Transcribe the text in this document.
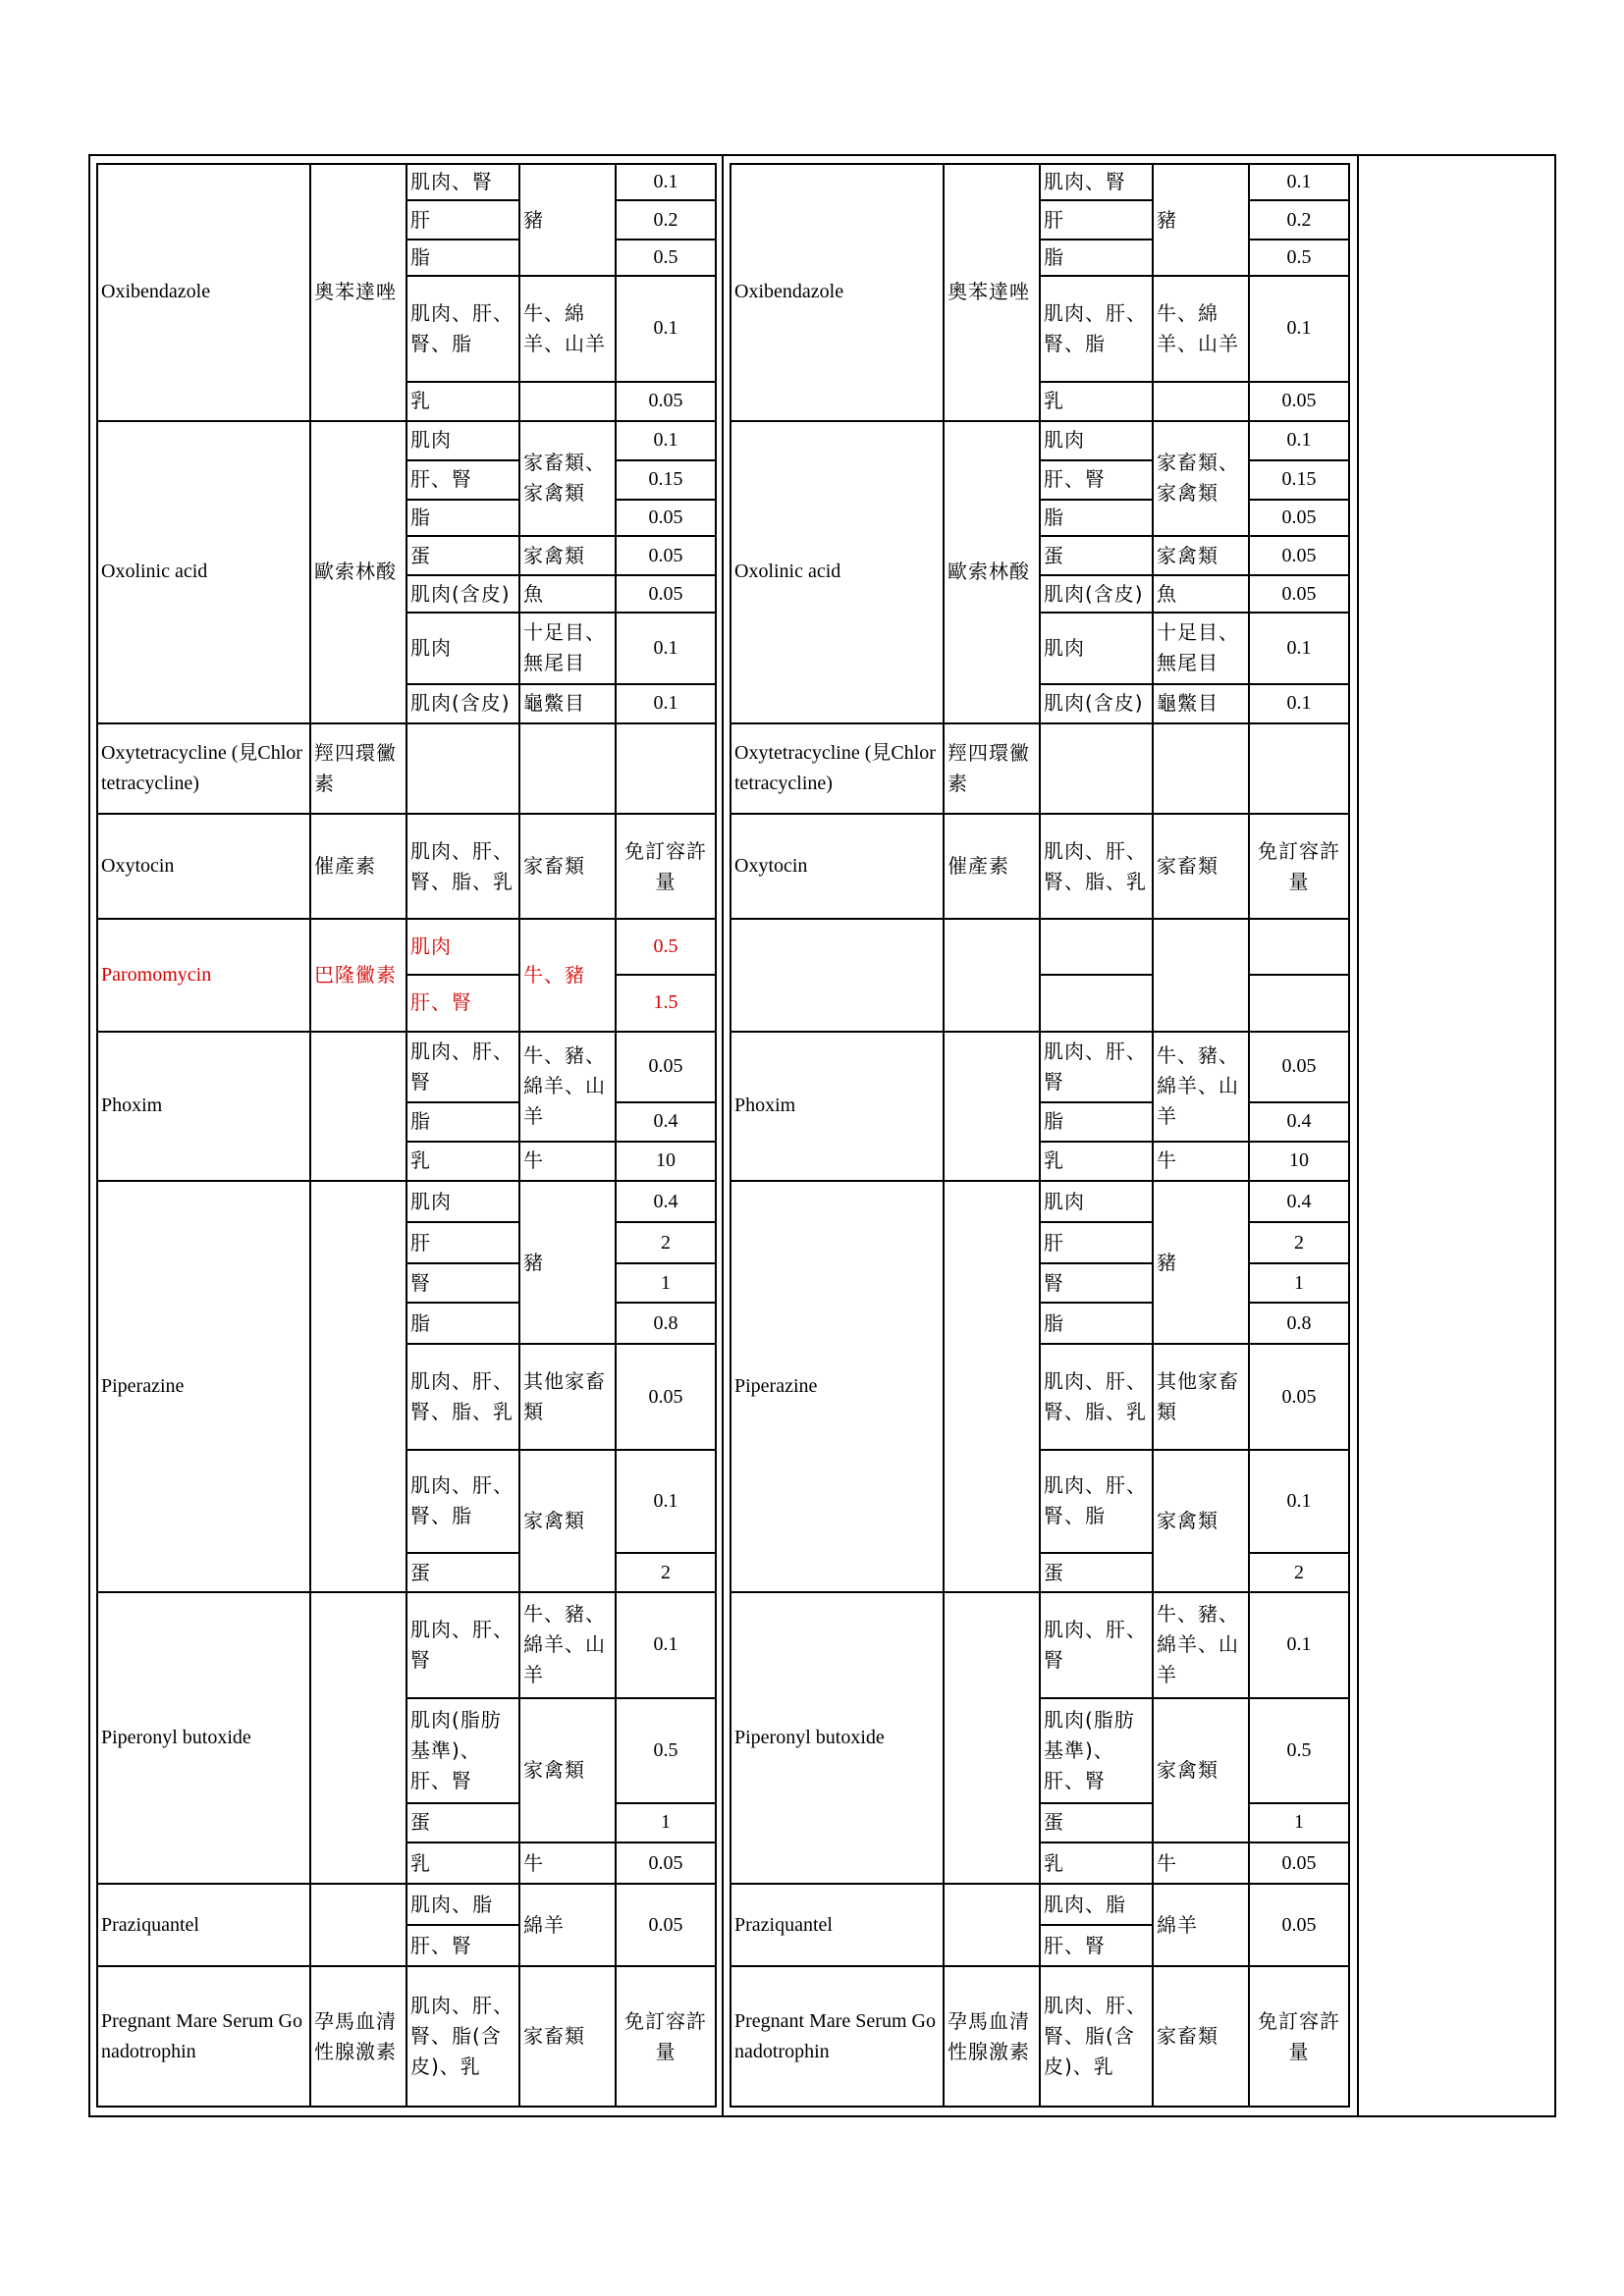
Oxibendazole	奧苯達唑	肌肉、腎	豬	0.1
		肝		0.2
		脂		0.5
		肌肉、肝、腎、脂	牛、綿羊、山羊	0.1
		乳		0.05
Oxolinic acid	歐索林酸	肌肉	家畜類、家禽類	0.1
		肝、腎		0.15
		脂		0.05
		蛋	家禽類	0.05
		肌肉(含皮)	魚	0.05
		肌肉	十足目、無尾目	0.1
		肌肉(含皮)	龜鱉目	0.1
Oxytetracycline (見Chlortetracycline)	羥四環黴素			
Oxytocin	催產素	肌肉、肝、腎、脂、乳	家畜類	免訂容許量
Paromomycin	巴隆黴素	肌肉	牛、豬	0.5
		肝、腎		1.5
Phoxim		肌肉、肝、腎	牛、豬、綿羊、山羊	0.05
		脂		0.4
		乳	牛	10
Piperazine		肌肉	豬	0.4
		肝		2
		腎		1
		脂		0.8
		肌肉、肝、腎、脂、乳	其他家畜類	0.05
		肌肉、肝、腎、脂	家禽類	0.1
		蛋		2
Piperonyl butoxide		肌肉、肝、腎	牛、豬、綿羊、山羊	0.1
		肌肉(脂肪基準)、肝、腎	家禽類	0.5
		蛋		1
		乳	牛	0.05
Praziquantel		肌肉、脂	綿羊	0.05
		肝、腎		
Pregnant Mare Serum Gonadotrophin	孕馬血清性腺激素	肌肉、肝、腎、脂(含皮)、乳	家畜類	免訂容許量
Oxibendazole	奧苯達唑	肌肉、腎	豬	0.1
		肝		0.2
		脂		0.5
		肌肉、肝、腎、脂	牛、綿羊、山羊	0.1
		乳		0.05
Oxolinic acid	歐索林酸	肌肉	家畜類、家禽類	0.1
		肝、腎		0.15
		脂		0.05
		蛋	家禽類	0.05
		肌肉(含皮)	魚	0.05
		肌肉	十足目、無尾目	0.1
		肌肉(含皮)	龜鱉目	0.1
Oxytetracycline (見Chlortetracycline)	羥四環黴素			
Oxytocin	催產素	肌肉、肝、腎、脂、乳	家畜類	免訂容許量

Phoxim		肌肉、肝、腎	牛、豬、綿羊、山羊	0.05
		脂		0.4
		乳	牛	10
Piperazine		肌肉	豬	0.4
		肝		2
		腎		1
		脂		0.8
		肌肉、肝、腎、脂、乳	其他家畜類	0.05
		肌肉、肝、腎、脂	家禽類	0.1
		蛋		2
Piperonyl butoxide		肌肉、肝、腎	牛、豬、綿羊、山羊	0.1
		肌肉(脂肪基準)、肝、腎	家禽類	0.5
		蛋		1
		乳	牛	0.05
Praziquantel		肌肉、脂	綿羊	0.05
		肝、腎		
Pregnant Mare Serum Gonadotrophin	孕馬血清性腺激素	肌肉、肝、腎、脂(含皮)、乳	家畜類	免訂容許量
